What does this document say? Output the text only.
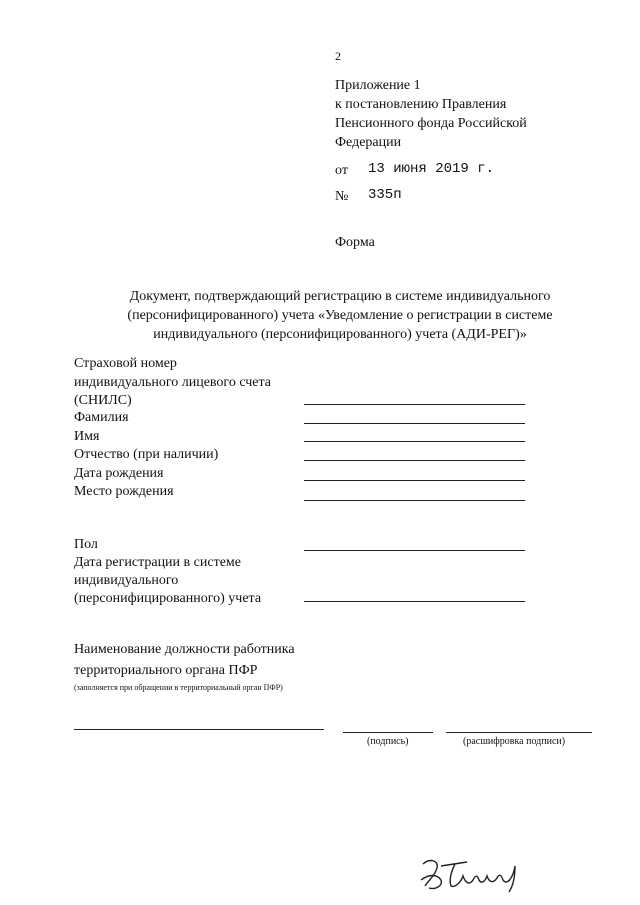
2
Приложение 1
к постановлению Правления
Пенсионного фонда Российской
Федерации
от 13 июня 2019 г.
№ 335п
Форма
Документ, подтверждающий регистрацию в системе индивидуального
(персонифицированного) учета «Уведомление о регистрации в системе
индивидуального (персонифицированного) учета (АДИ-РЕГ)»
Страховой номер
индивидуального лицевого счета
(СНИЛС)
Фамилия
Имя
Отчество (при наличии)
Дата рождения
Место рождения
Пол
Дата регистрации в системе
индивидуального
(персонифицированного) учета
Наименование должности работника
территориального органа ПФР
(заполняется при обращении в территориальный орган ПФР)
(подпись)	(расшифровка подписи)
